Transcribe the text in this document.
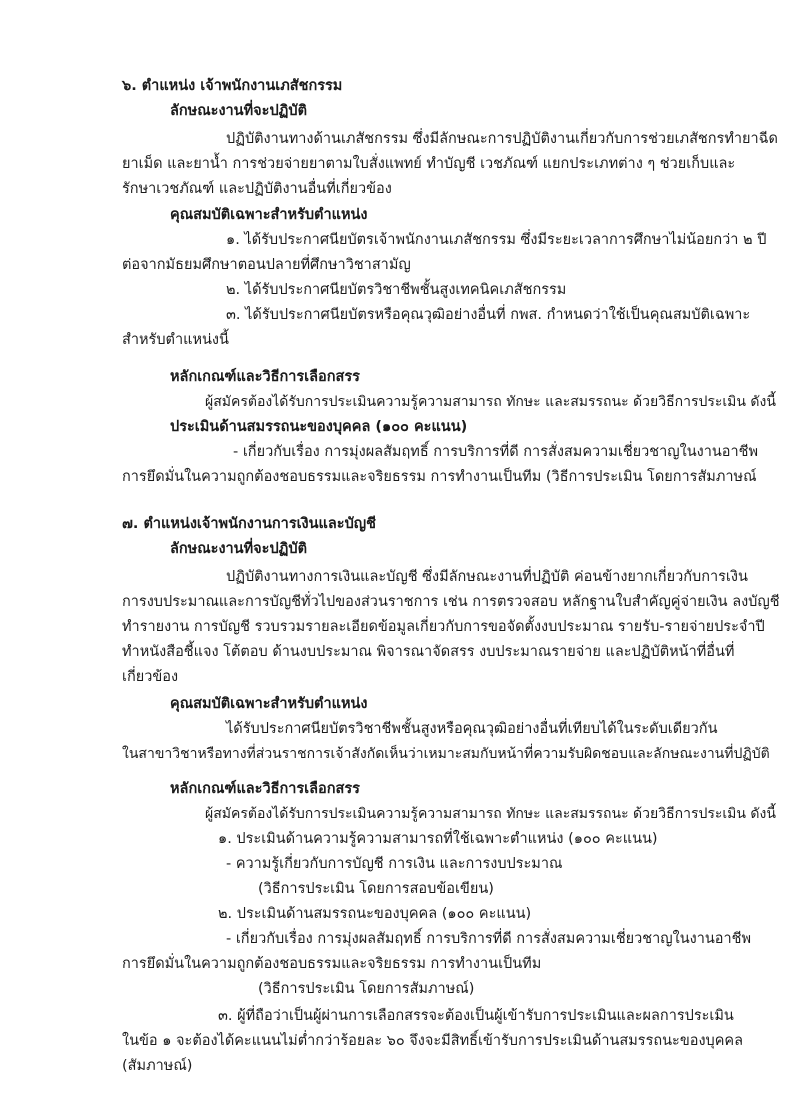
๖. ตำแหน่ง เจ้าพนักงานเภสัชกรรม
ลักษณะงานที่จะปฏิบัติ
ปฏิบัติงานทางด้านเภสัชกรรม ซึ่งมีลักษณะการปฏิบัติงานเกี่ยวกับการช่วยเภสัชกรทำยาฉีด
ยาเม็ด และยาน้ำ การช่วยจ่ายยาตามใบสั่งแพทย์ ทำบัญชี เวชภัณฑ์ แยกประเภทต่าง ๆ ช่วยเก็บและ
รักษาเวชภัณฑ์ และปฏิบัติงานอื่นที่เกี่ยวข้อง
คุณสมบัติเฉพาะสำหรับตำแหน่ง
๑. ได้รับประกาศนียบัตรเจ้าพนักงานเภสัชกรรม ซึ่งมีระยะเวลาการศึกษาไม่น้อยกว่า ๒ ปี
ต่อจากมัธยมศึกษาตอนปลายที่ศึกษาวิชาสามัญ
๒. ได้รับประกาศนียบัตรวิชาชีพชั้นสูงเทคนิคเภสัชกรรม
๓. ได้รับประกาศนียบัตรหรือคุณวุฒิอย่างอื่นที่ กพส. กำหนดว่าใช้เป็นคุณสมบัติเฉพาะ
สำหรับตำแหน่งนี้
หลักเกณฑ์และวิธีการเลือกสรร
ผู้สมัครต้องได้รับการประเมินความรู้ความสามารถ ทักษะ และสมรรถนะ ด้วยวิธีการประเมิน ดังนี้
ประเมินด้านสมรรถนะของบุคคล (๑๐๐ คะแนน)
- เกี่ยวกับเรื่อง การมุ่งผลสัมฤทธิ์ การบริการที่ดี การสั่งสมความเชี่ยวชาญในงานอาชีพ
การยึดมั่นในความถูกต้องชอบธรรมและจริยธรรม การทำงานเป็นทีม (วิธีการประเมิน โดยการสัมภาษณ์
๗. ตำแหน่งเจ้าพนักงานการเงินและบัญชี
ลักษณะงานที่จะปฏิบัติ
ปฏิบัติงานทางการเงินและบัญชี ซึ่งมีลักษณะงานที่ปฏิบัติ ค่อนข้างยากเกี่ยวกับการเงิน
การงบประมาณและการบัญชีทั่วไปของส่วนราชการ เช่น การตรวจสอบ หลักฐานใบสำคัญคู่จ่ายเงิน ลงบัญชี
ทำรายงาน การบัญชี รวบรวมรายละเอียดข้อมูลเกี่ยวกับการขอจัดตั้งงบประมาณ รายรับ-รายจ่ายประจำปี
ทำหนังสือชี้แจง โต้ตอบ ด้านงบประมาณ พิจารณาจัดสรร งบประมาณรายจ่าย และปฏิบัติหน้าที่อื่นที่
เกี่ยวข้อง
คุณสมบัติเฉพาะสำหรับตำแหน่ง
ได้รับประกาศนียบัตรวิชาชีพชั้นสูงหรือคุณวุฒิอย่างอื่นที่เทียบได้ในระดับเดียวกัน
ในสาขาวิชาหรือทางที่ส่วนราชการเจ้าสังกัดเห็นว่าเหมาะสมกับหน้าที่ความรับผิดชอบและลักษณะงานที่ปฏิบัติ
หลักเกณฑ์และวิธีการเลือกสรร
ผู้สมัครต้องได้รับการประเมินความรู้ความสามารถ ทักษะ และสมรรถนะ ด้วยวิธีการประเมิน ดังนี้
๑. ประเมินด้านความรู้ความสามารถที่ใช้เฉพาะตำแหน่ง (๑๐๐ คะแนน)
- ความรู้เกี่ยวกับการบัญชี การเงิน และการงบประมาณ
(วิธีการประเมิน โดยการสอบข้อเขียน)
๒. ประเมินด้านสมรรถนะของบุคคล (๑๐๐ คะแนน)
- เกี่ยวกับเรื่อง การมุ่งผลสัมฤทธิ์ การบริการที่ดี การสั่งสมความเชี่ยวชาญในงานอาชีพ
การยึดมั่นในความถูกต้องชอบธรรมและจริยธรรม การทำงานเป็นทีม
(วิธีการประเมิน โดยการสัมภาษณ์)
๓. ผู้ที่ถือว่าเป็นผู้ผ่านการเลือกสรรจะต้องเป็นผู้เข้ารับการประเมินและผลการประเมิน
ในข้อ ๑ จะต้องได้คะแนนไม่ต่ำกว่าร้อยละ ๖๐ จึงจะมีสิทธิ์เข้ารับการประเมินด้านสมรรถนะของบุคคล
(สัมภาษณ์)
